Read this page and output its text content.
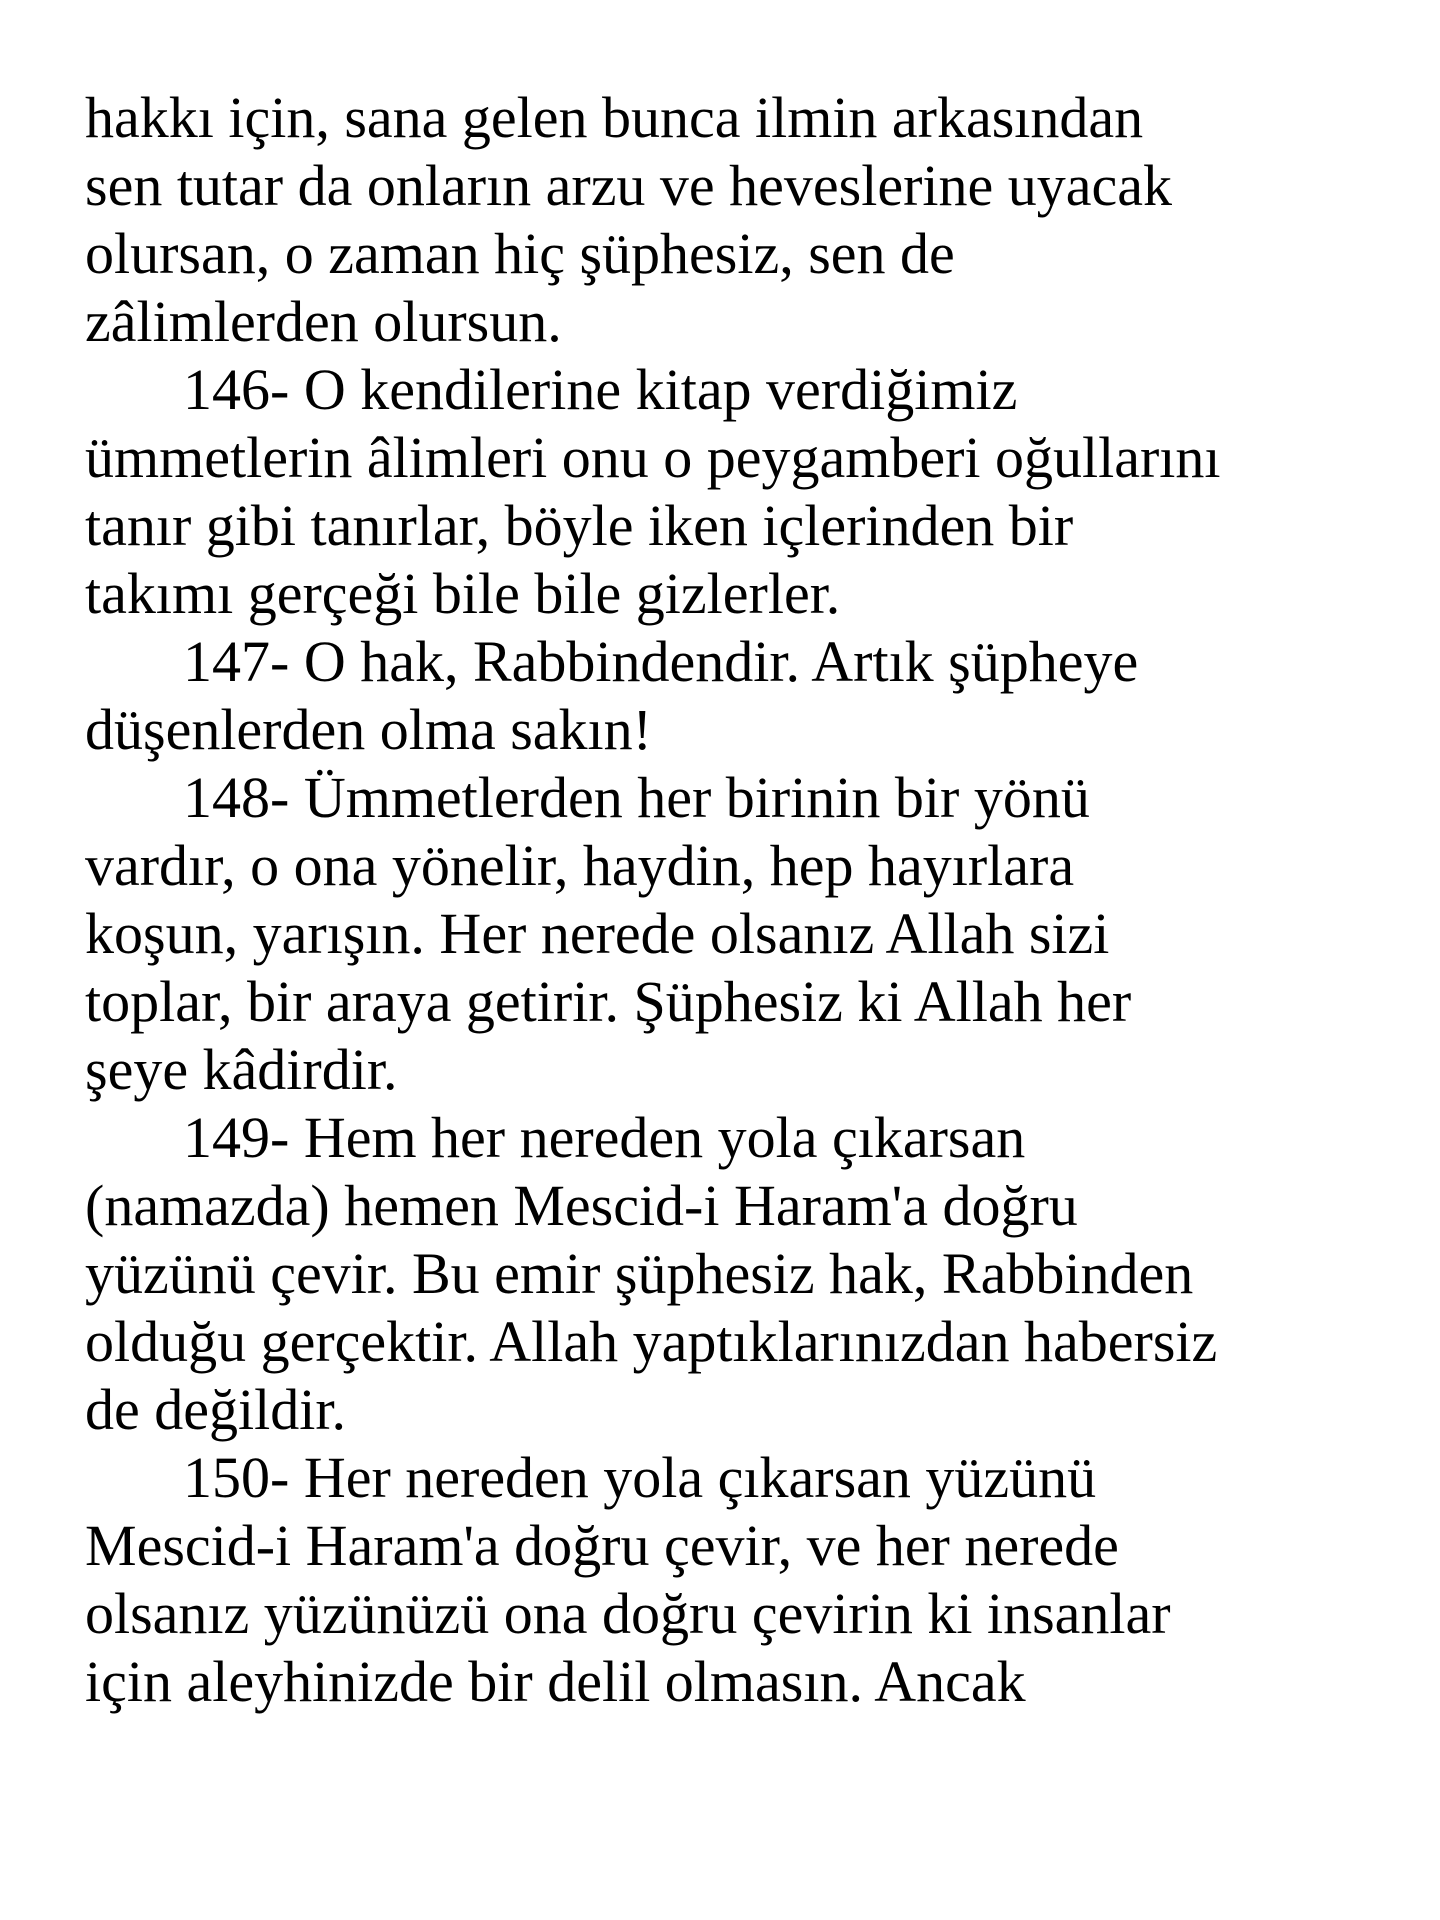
hakkı için, sana gelen bunca ilmin arkasından
sen tutar da onların arzu ve heveslerine uyacak
olursan, o zaman hiç şüphesiz, sen de
zâlimlerden olursun.
146- O kendilerine kitap verdiğimiz
ümmetlerin âlimleri onu o peygamberi oğullarını
tanır gibi tanırlar, böyle iken içlerinden bir
takımı gerçeği bile bile gizlerler.
147- O hak, Rabbindendir. Artık şüpheye
düşenlerden olma sakın!
148- Ümmetlerden her birinin bir yönü
vardır, o ona yönelir, haydin, hep hayırlara
koşun, yarışın. Her nerede olsanız Allah sizi
toplar, bir araya getirir. Şüphesiz ki Allah her
şeye kâdirdir.
149- Hem her nereden yola çıkarsan
(namazda) hemen Mescid-i Haram'a doğru
yüzünü çevir. Bu emir şüphesiz hak, Rabbinden
olduğu gerçektir. Allah yaptıklarınızdan habersiz
de değildir.
150- Her nereden yola çıkarsan yüzünü
Mescid-i Haram'a doğru çevir, ve her nerede
olsanız yüzünüzü ona doğru çevirin ki insanlar
için aleyhinizde bir delil olmasın. Ancak
